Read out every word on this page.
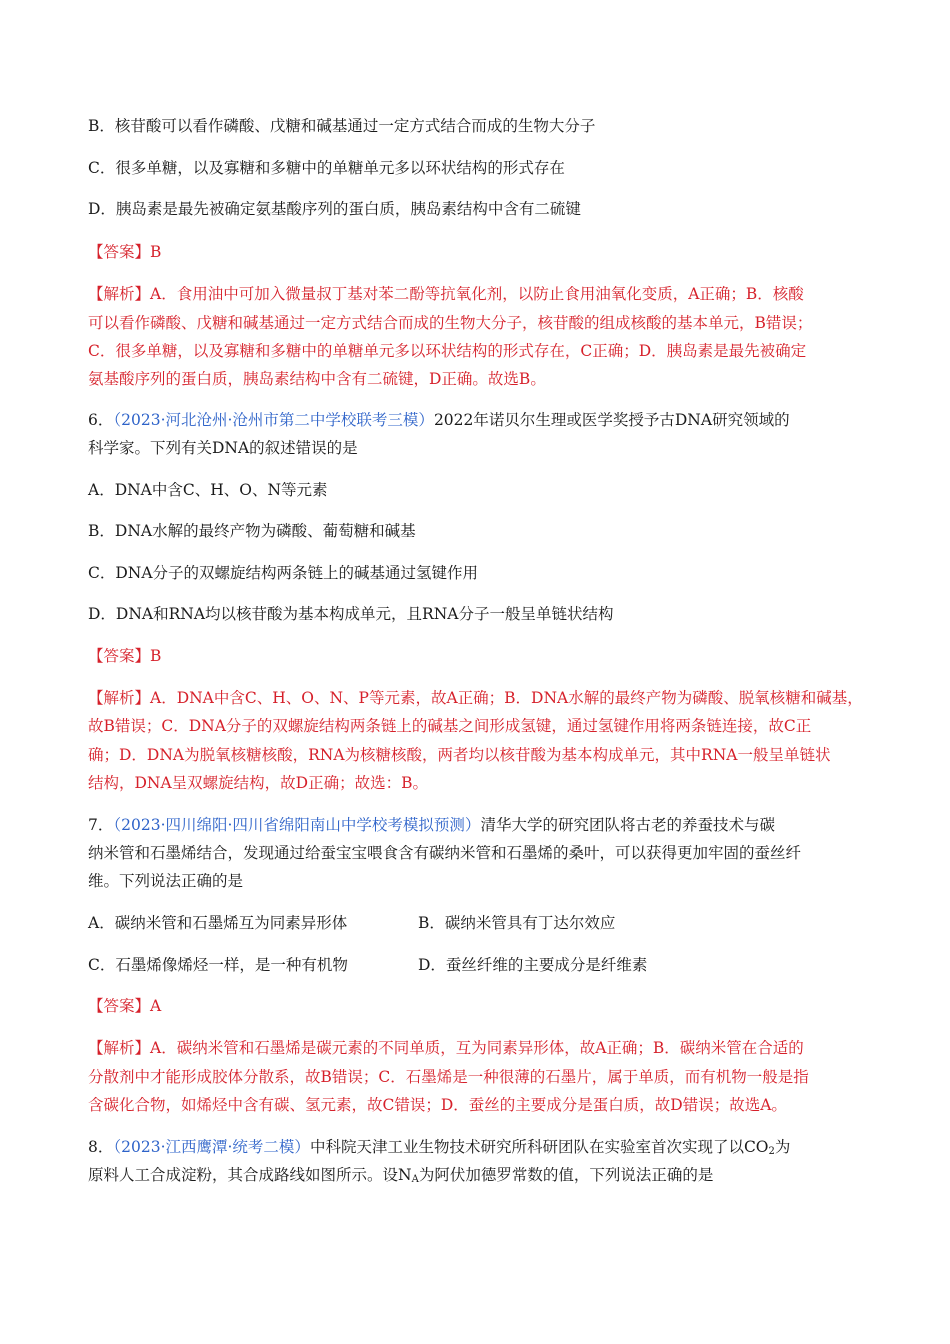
B．核苷酸可以看作磷酸、戊糖和碱基通过一定方式结合而成的生物大分子
C．很多单糖，以及寡糖和多糖中的单糖单元多以环状结构的形式存在
D．胰岛素是最先被确定氨基酸序列的蛋白质，胰岛素结构中含有二硫键
【答案】B
【解析】A．食用油中可加入微量叔丁基对苯二酚等抗氧化剂，以防止食用油氧化变质，A正确；B．核酸
可以看作磷酸、戊糖和碱基通过一定方式结合而成的生物大分子，核苷酸的组成核酸的基本单元，B错误；
C．很多单糖，以及寡糖和多糖中的单糖单元多以环状结构的形式存在，C正确；D．胰岛素是最先被确定
氨基酸序列的蛋白质，胰岛素结构中含有二硫键，D正确。故选B。
6．（2023·河北沧州·沧州市第二中学校联考三模）2022年诺贝尔生理或医学奖授予古DNA研究领域的
科学家。下列有关DNA的叙述错误的是
A．DNA中含C、H、O、N等元素
B．DNA水解的最终产物为磷酸、葡萄糖和碱基
C．DNA分子的双螺旋结构两条链上的碱基通过氢键作用
D．DNA和RNA均以核苷酸为基本构成单元，且RNA分子一般呈单链状结构
【答案】B
【解析】A．DNA中含C、H、O、N、P等元素，故A正确；B．DNA水解的最终产物为磷酸、脱氧核糖和碱基，
故B错误；C．DNA分子的双螺旋结构两条链上的碱基之间形成氢键，通过氢键作用将两条链连接，故C正
确；D．DNA为脱氧核糖核酸，RNA为核糖核酸，两者均以核苷酸为基本构成单元，其中RNA一般呈单链状
结构，DNA呈双螺旋结构，故D正确；故选：B。
7．（2023·四川绵阳·四川省绵阳南山中学校考模拟预测）清华大学的研究团队将古老的养蚕技术与碳
纳米管和石墨烯结合，发现通过给蚕宝宝喂食含有碳纳米管和石墨烯的桑叶，可以获得更加牢固的蚕丝纤
维。下列说法正确的是
A．碳纳米管和石墨烯互为同素异形体	B．碳纳米管具有丁达尔效应
C．石墨烯像烯烃一样，是一种有机物	D．蚕丝纤维的主要成分是纤维素
【答案】A
【解析】A．碳纳米管和石墨烯是碳元素的不同单质，互为同素异形体，故A正确；B．碳纳米管在合适的
分散剂中才能形成胶体分散系，故B错误；C．石墨烯是一种很薄的石墨片，属于单质，而有机物一般是指
含碳化合物，如烯烃中含有碳、氢元素，故C错误；D．蚕丝的主要成分是蛋白质，故D错误；故选A。
8．（2023·江西鹰潭·统考二模）中科院天津工业生物技术研究所科研团队在实验室首次实现了以$CO_2$为
原料人工合成淀粉，其合成路线如图所示。设$N_A$为阿伏加德罗常数的值，下列说法正确的是
